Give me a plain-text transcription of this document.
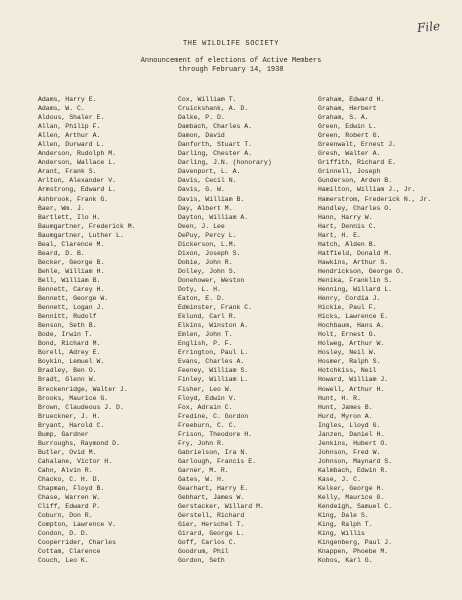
File
THE WILDLIFE SOCIETY
Announcement of elections of Active Members
through February 14, 1938
Adams, Harry E.
Adams, W. C.
Aldous, Shaler E.
Allan, Philip F.
Allen, Arthur A.
Allen, Durward L.
Anderson, Rudolph M.
Anderson, Wallace L.
Arant, Frank S.
Arlton, Alexander V.
Armstrong, Edward L.
Ashbrook, Frank G.
Baer, Wm. J.
Bartlett, Ilo H.
Baumgartner, Frederick M.
Baumgartner, Luther L.
Beal, Clarence M.
Beard, D. B.
Becker, George B.
Behle, William H.
Bell, William B.
Bennett, Carey H.
Bennett, George W.
Bennett, Logan J.
Bennitt, Rudolf
Benson, Seth B.
Bode, Irwin T.
Bond, Richard M.
Borell, Adrey E.
Boykin, Lemuel W.
Bradley, Ben O.
Bradt, Glenn W.
Breckenridge, Walter J.
Brooks, Maurice G.
Brown, Claudeous J. D.
Brueckner, J. H.
Bryant, Harold C.
Bump, Gardner
Burroughs, Raymond D.
Butler, Ovid M.
Cahalane, Victor H.
Cahn, Alvin R.
Chacko, C. H. D.
Chapman, Floyd B.
Chase, Warren W.
Cliff, Edward P.
Coburn, Don R.
Compton, Lawrence V.
Condon, D. D.
Cooperrider, Charles
Cottam, Clarence
Couch, Leo K.
Cox, William T.
Cruickshank, A. D.
Dalke, P. D.
Dambach, Charles A.
Damon, David
Danforth, Stuart T.
Darling, Chester A.
Darling, J.N. (honorary)
Davenport, L. A.
Davis, Cecil N.
Davis, G. W.
Davis, William B.
Day, Albert M.
Dayton, William A.
Deen, J. Lee
DePuy, Percy L.
Dickerson, L.M.
Dixon, Joseph S.
Dobie, John R.
Dolley, John S.
Donehower, Weston
Doty, L. H.
Eaton, E. D.
Edminster, Frank C.
Eklund, Carl R.
Elkins, Winston A.
Emlen, John T.
English, P. F.
Errington, Paul L.
Evans, Charles A.
Feeney, William S.
Finley, William L.
Fisher, Leo W.
Floyd, Edwin V.
Fox, Adrain C.
Fredine, C. Gordon
Freeburn, C. C.
Frison, Theodore H.
Fry, John R.
Gabrielson, Ira N.
Garlough, Francis E.
Garner, M. R.
Gates, W. H.
Gearhart, Harry E.
Gebhart, James W.
Gerstacker, Willard M.
Gerstell, Richard
Gier, Herschel T.
Girard, George L.
Goff, Carlos C.
Goodrum, Phil
Gordon, Seth
Graham, Edward H.
Graham, Herbert
Graham, S. A.
Green, Edwin L.
Green, Robert G.
Greenwalt, Ernest J.
Gresh, Walter A.
Griffith, Richard E.
Grinnell, Joseph
Gunderson, Arden B.
Hamilton, William J., Jr.
Hamerstrom, Frederick N., Jr.
Handley, Charles O.
Hann, Harry W.
Hart, Dennis C.
Hart, H. E.
Hatch, Alden B.
Hatfield, Donald M.
Hawkins, Arthur S.
Hendrickson, George O.
Henika, Franklin S.
Henning, Willard L.
Henry, Cordia J.
Hickie, Paul F.
Hicks, Lawrence E.
Hochbaum, Hans A.
Holt, Ernest G.
Holweg, Arthur W.
Hosley, Neil W.
Hosmer, Ralph S.
Hotchkiss, Neil
Howard, William J.
Howell, Arthur H.
Hunt, H. R.
Hunt, James B.
Hurd, Myron A.
Ingles, Lloyd G.
Janzen, Daniel H.
Jenkins, Hubert O.
Johnson, Fred W.
Johnson, Maynard S.
Kalmbach, Edwin R.
Kase, J. C.
Kelker, George H.
Kelly, Maurice G.
Kendeigh, Samuel C.
King, Dale S.
King, Ralph T.
King, Willis
Kingenberg, Paul J.
Knappen, Phoebe M.
Kobos, Karl G.
